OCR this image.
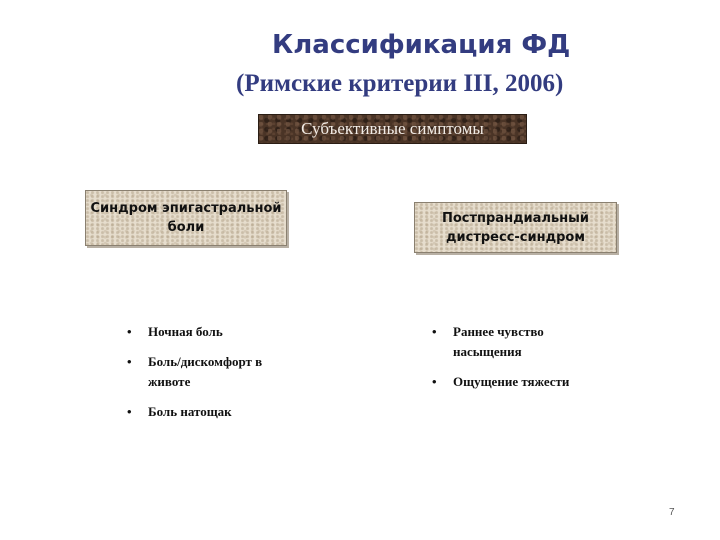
Классификация ФД
(Римские критерии III, 2006)
Субъективные симптомы
Синдром эпигастральной боли
Постпрандиальный дистресс-синдром
• Ночная боль
• Боль/дискомфорт в животе
• Боль натощак
• Раннее чувство насыщения
• Ощущение тяжести
7
